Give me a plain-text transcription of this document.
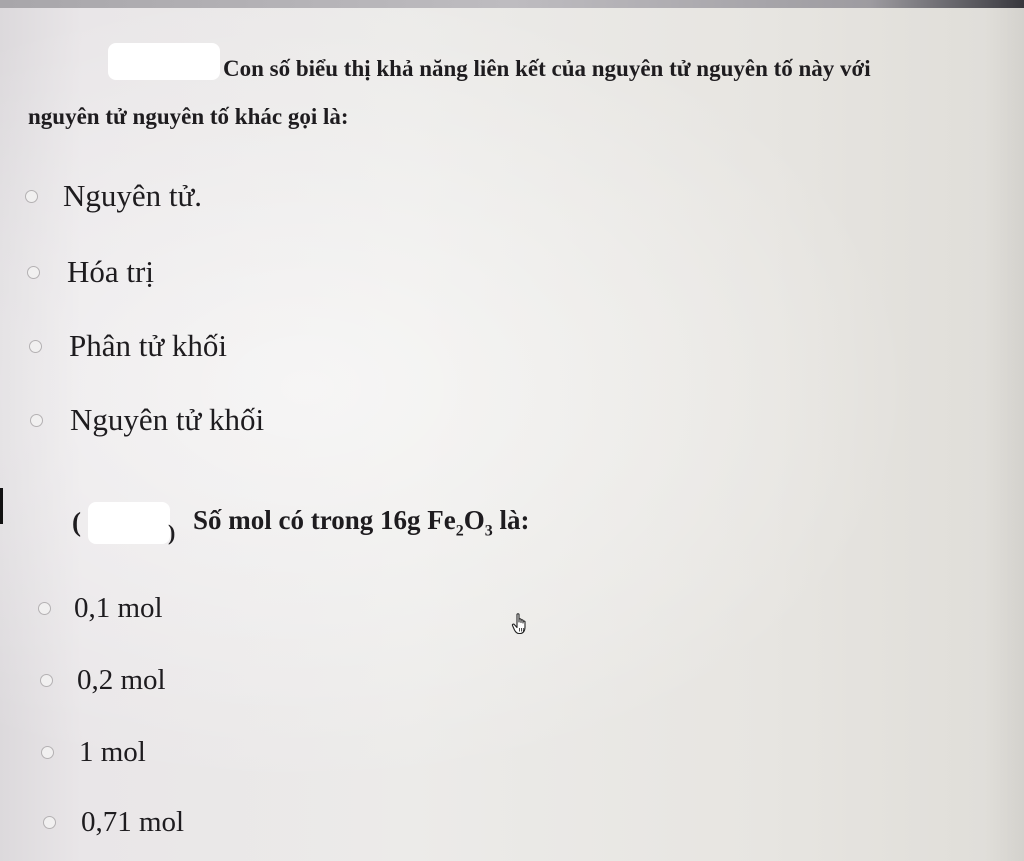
Con số biểu thị khả năng liên kết của nguyên tử nguyên tố này với
nguyên tử nguyên tố khác gọi là:
Nguyên tử.
Hóa trị
Phân tử khối
Nguyên tử khối
(	) Số mol có trong 16g $Fe_2O_3$ là:
0,1 mol
0,2 mol
1 mol
0,71 mol
